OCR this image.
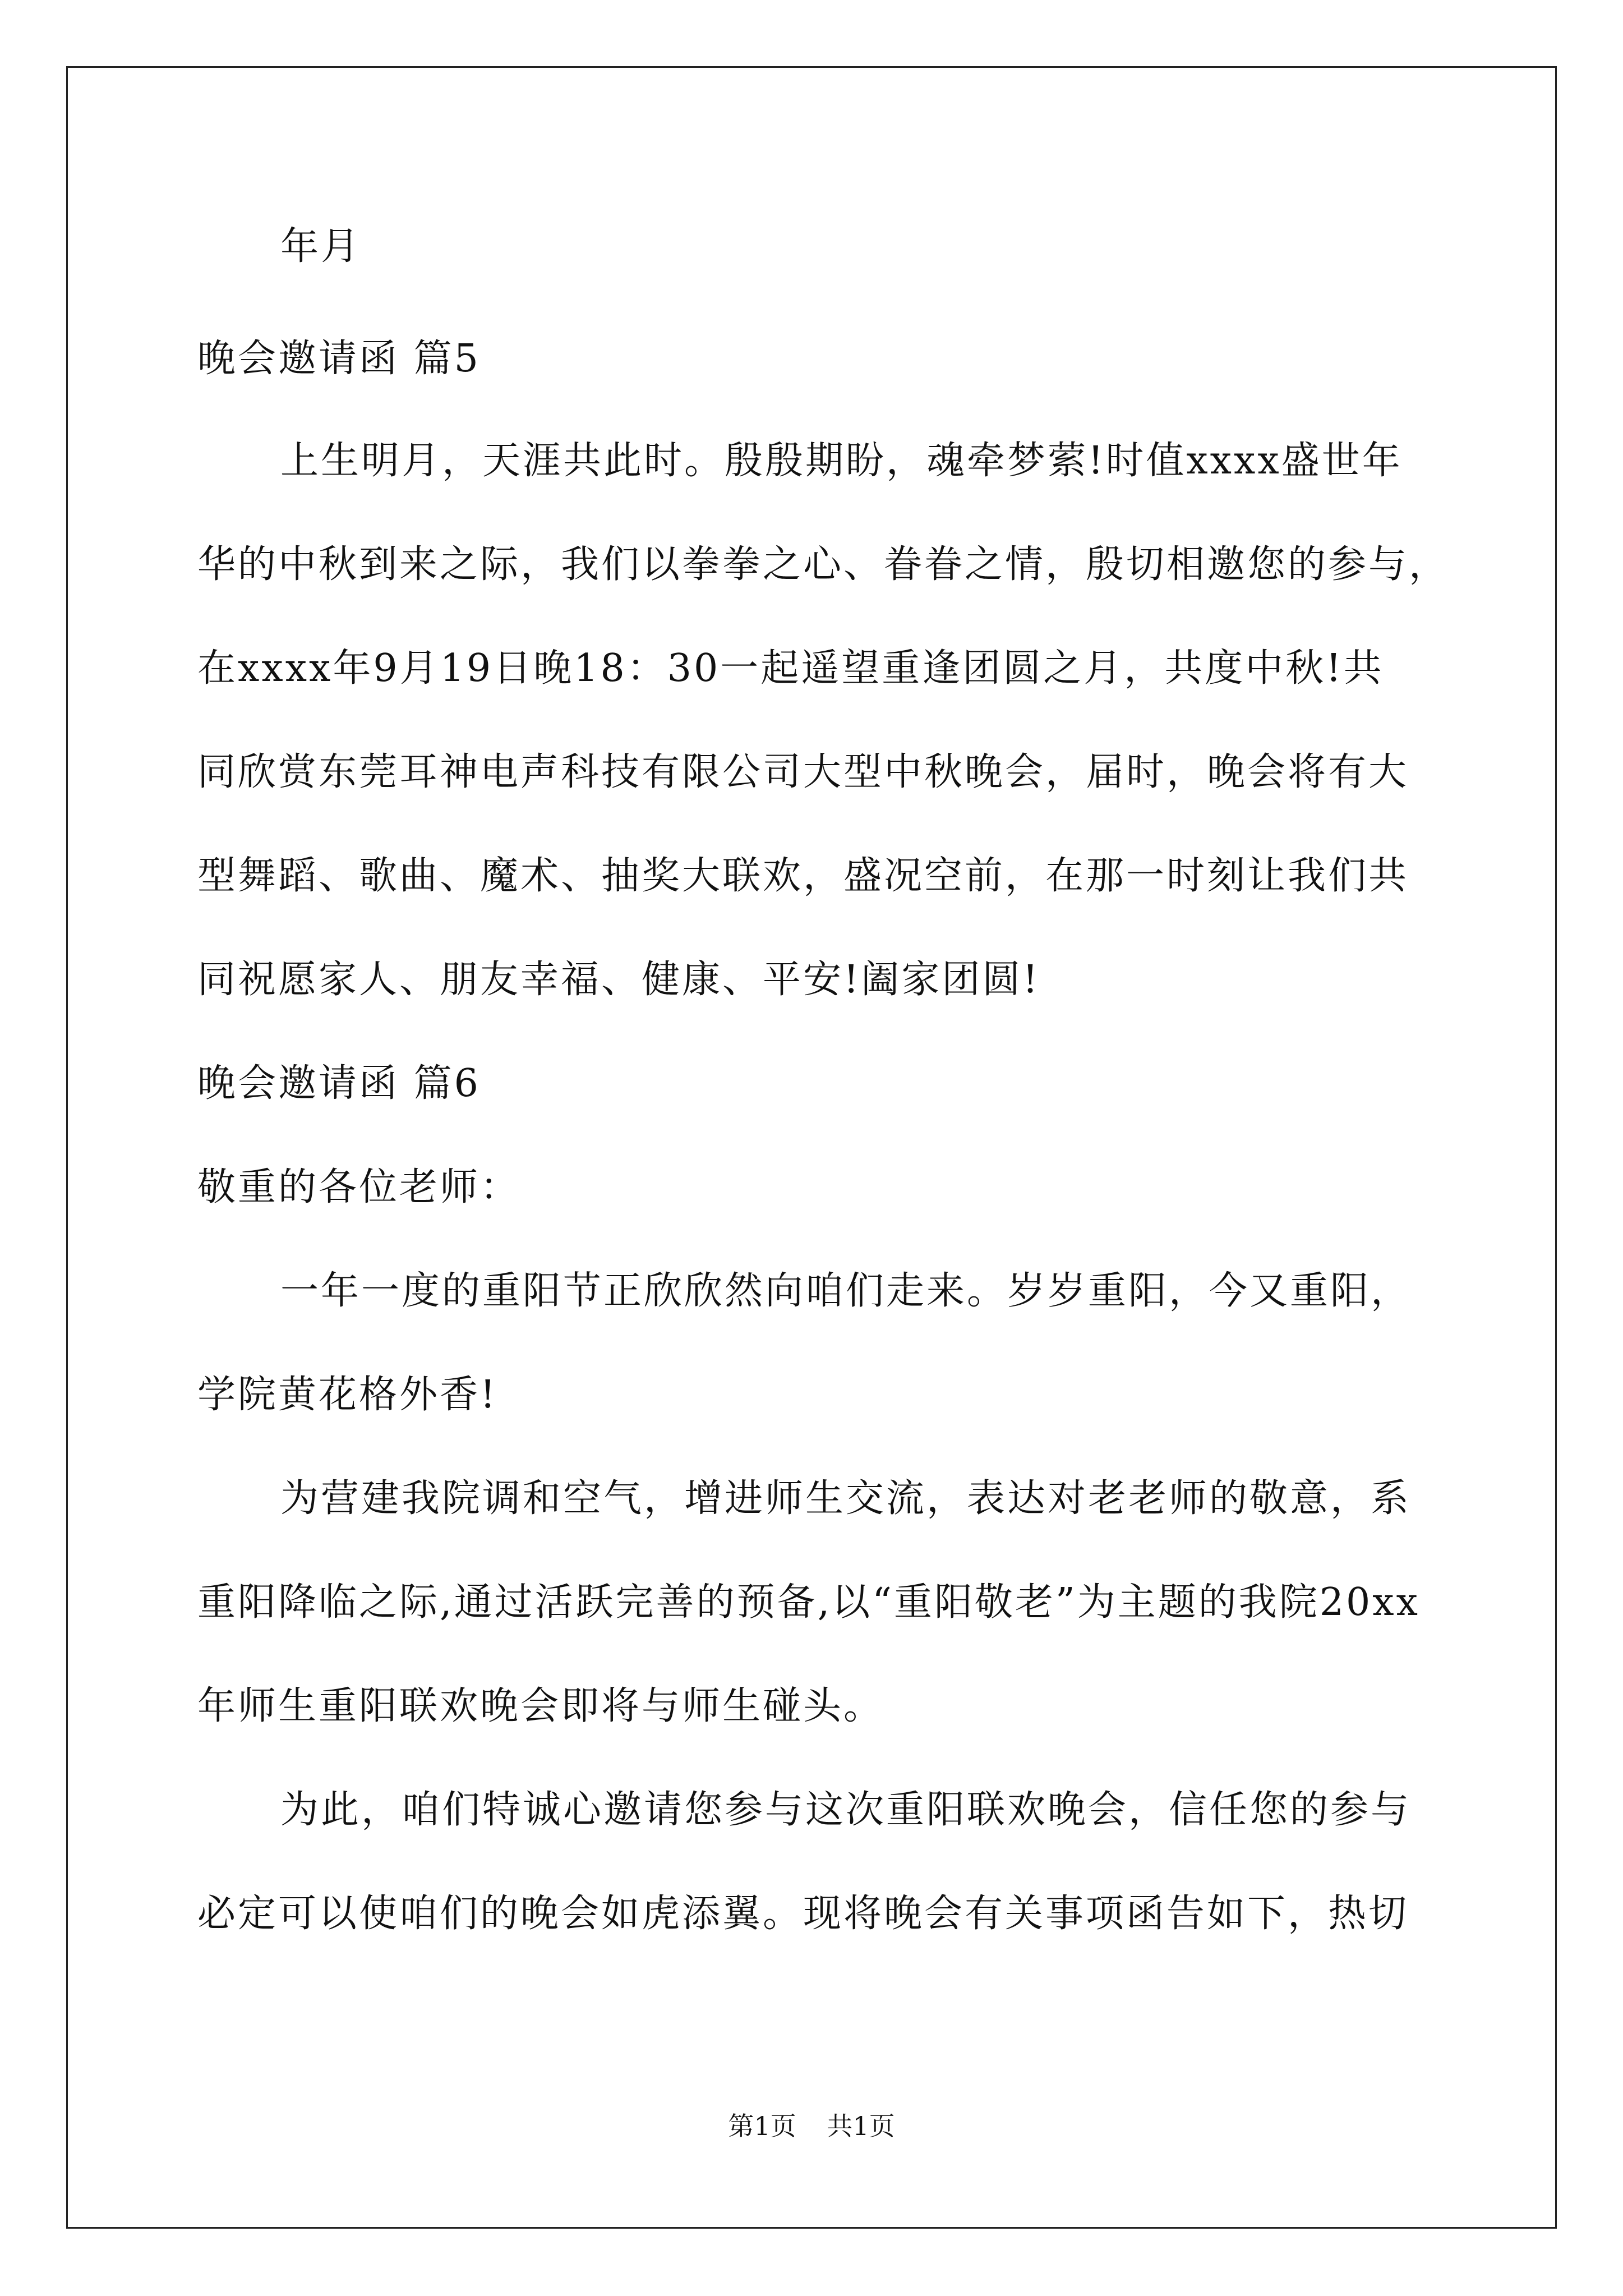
年月
晚会邀请函 篇5
上生明月，天涯共此时。殷殷期盼，魂牵梦萦!时值xxxx盛世年
华的中秋到来之际，我们以拳拳之心、眷眷之情，殷切相邀您的参与，
在xxxx年9月19日晚18：30一起遥望重逢团圆之月，共度中秋!共
同欣赏东莞耳神电声科技有限公司大型中秋晚会，届时，晚会将有大
型舞蹈、歌曲、魔术、抽奖大联欢，盛况空前，在那一时刻让我们共
同祝愿家人、朋友幸福、健康、平安!阖家团圆!
晚会邀请函 篇6
敬重的各位老师：
一年一度的重阳节正欣欣然向咱们走来。岁岁重阳，今又重阳，
学院黄花格外香!
为营建我院调和空气，增进师生交流，表达对老老师的敬意，系
重阳降临之际,通过活跃完善的预备,以“重阳敬老”为主题的我院20xx
年师生重阳联欢晚会即将与师生碰头。
为此，咱们特诚心邀请您参与这次重阳联欢晚会，信任您的参与
必定可以使咱们的晚会如虎添翼。现将晚会有关事项函告如下，热切
第1页 共1页
